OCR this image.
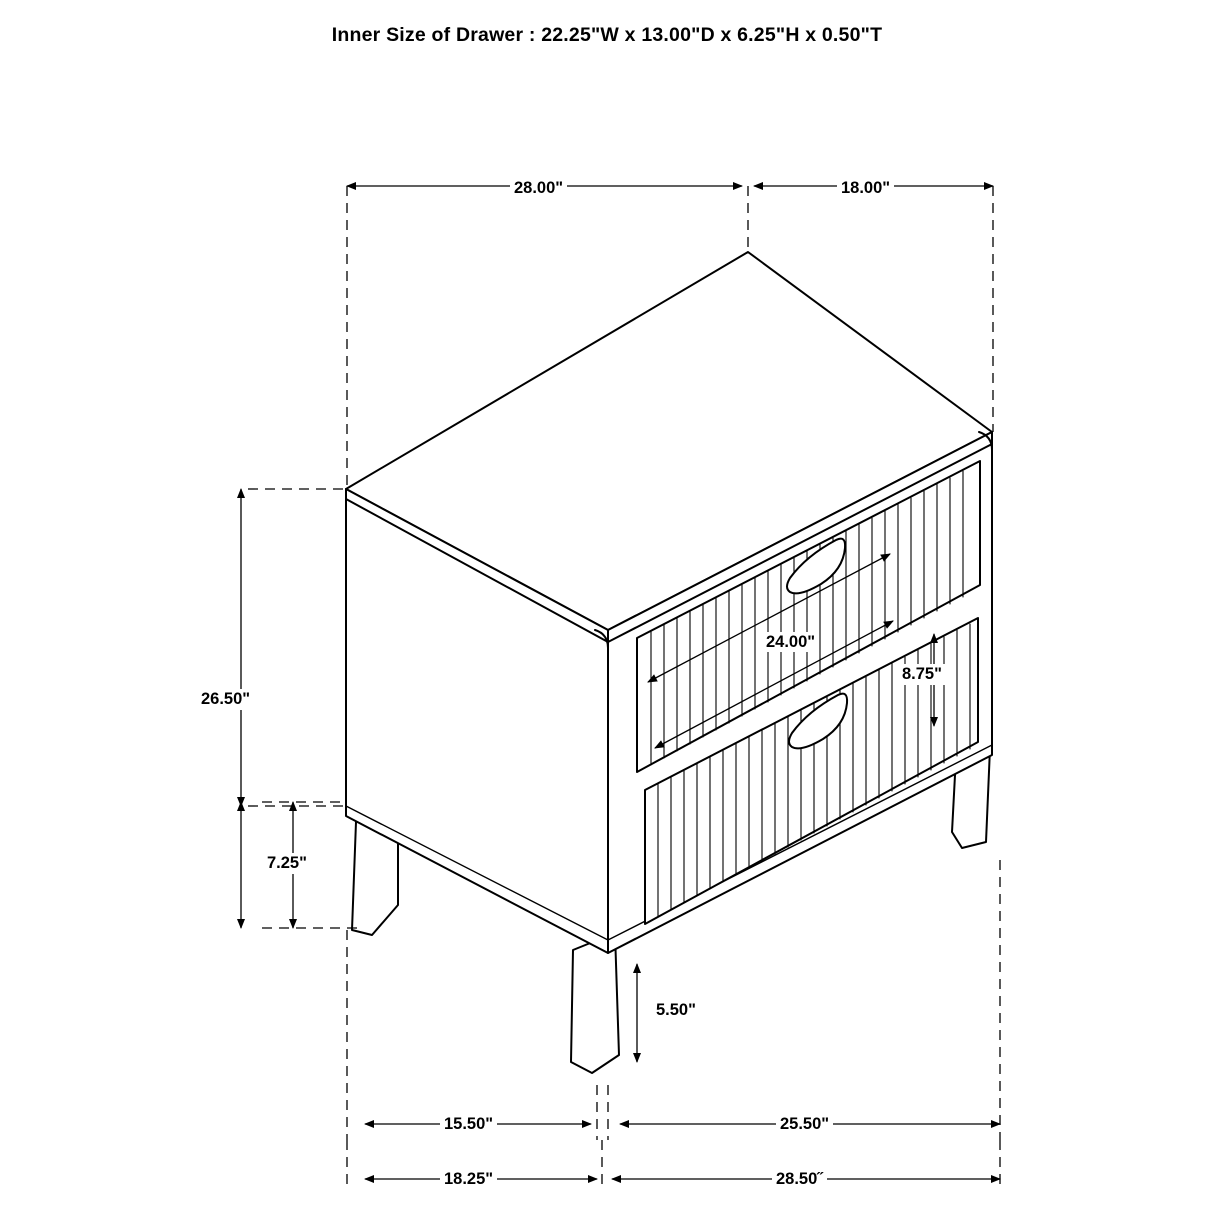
Inner Size of Drawer : 22.25"W x 13.00"D x 6.25"H x 0.50"T
28.00"	18.00"
26.50"
7.25"
24.00"
8.75"
5.50"
15.50"	25.50"
18.25"	28.50˝
